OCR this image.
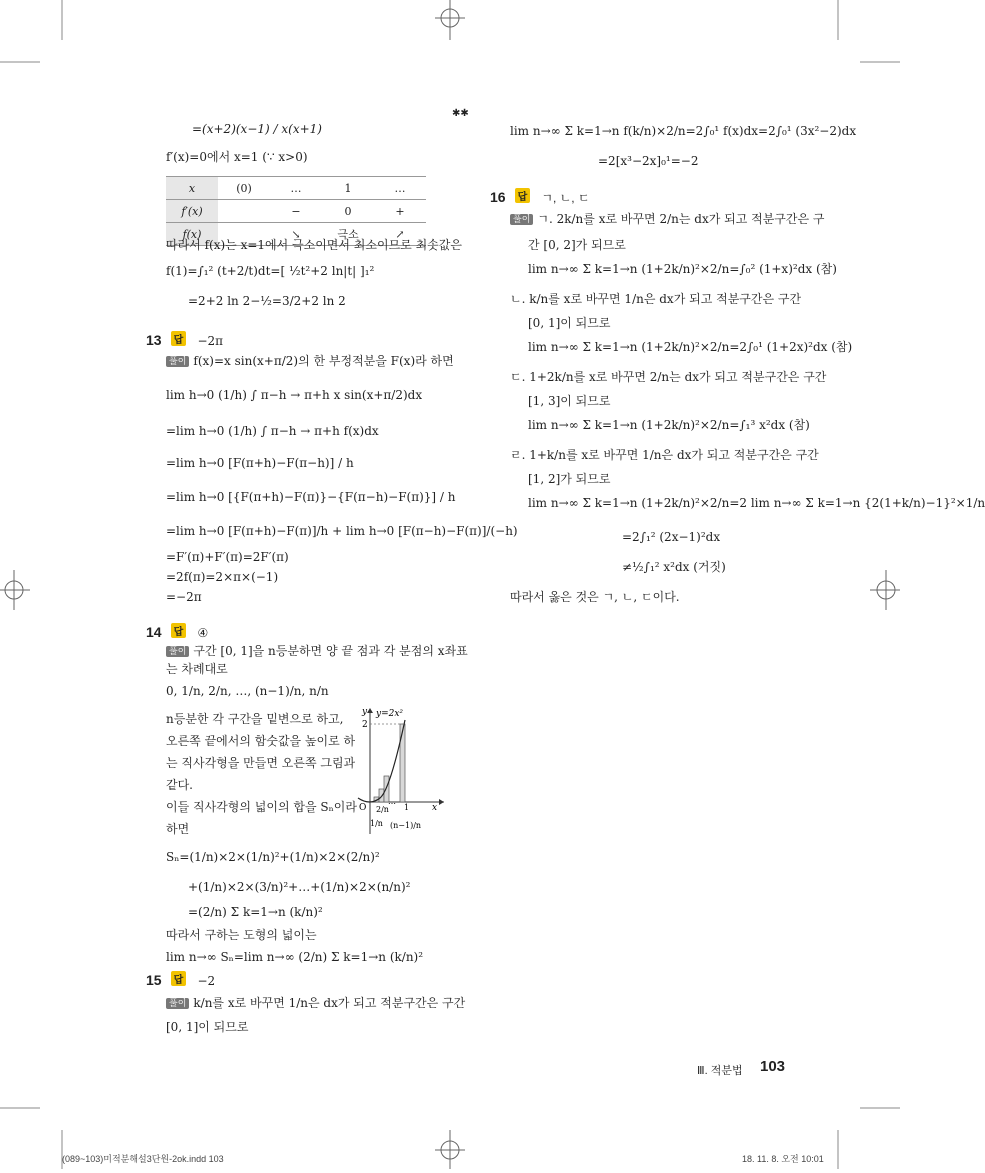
✱✱
=(x+2)(x−1) / x(x+1)
f′(x)=0에서 x=1 (∵ x>0)
x	(0)	…	1	…
f′(x)		−	0	+
f(x)		↘	극소	↗
따라서 f(x)는 x=1에서 극소이면서 최소이므로 최솟값은
f(1)=∫₁² (t+2/t)dt=[ ½t²+2 ln|t| ]₁²
=2+2 ln 2−½=3/2+2 ln 2
13 답 −2π
풀이 f(x)=x sin(x+π/2)의 한 부정적분을 F(x)라 하면
lim h→0 (1/h) ∫ π−h → π+h x sin(x+π/2)dx
=lim h→0 (1/h) ∫ π−h → π+h f(x)dx
=lim h→0 [F(π+h)−F(π−h)] / h
=lim h→0 [{F(π+h)−F(π)}−{F(π−h)−F(π)}] / h
=lim h→0 [F(π+h)−F(π)]/h + lim h→0 [F(π−h)−F(π)]/(−h)
=F′(π)+F′(π)=2F′(π)
=2f(π)=2×π×(−1)
=−2π
14 답 ④
풀이 구간 [0, 1]을 n등분하면 양 끝 점과 각 분점의 x좌표
는 차례대로
0, 1/n, 2/n, …, (n−1)/n, n/n
n등분한 각 구간을 밑변으로 하고,
오른쪽 끝에서의 함숫값을 높이로 하
는 직사각형을 만들면 오른쪽 그림과
같다.
이들 직사각형의 넓이의 합을 Sₙ이라
하면
Sₙ=(1/n)×2×(1/n)²+(1/n)×2×(2/n)²
+(1/n)×2×(3/n)²+…+(1/n)×2×(n/n)²
=(2/n) Σ k=1→n (k/n)²
따라서 구하는 도형의 넓이는
lim n→∞ Sₙ=lim n→∞ (2/n) Σ k=1→n (k/n)²
y=2x²
y
2
O	x
1/n
2/n
…
(n−1)/n
1
15 답 −2
풀이 k/n를 x로 바꾸면 1/n은 dx가 되고 적분구간은 구간
[0, 1]이 되므로
lim n→∞ Σ k=1→n f(k/n)×2/n=2∫₀¹ f(x)dx=2∫₀¹ (3x²−2)dx
=2[x³−2x]₀¹=−2
16 답 ㄱ, ㄴ, ㄷ
풀이 ㄱ. 2k/n를 x로 바꾸면 2/n는 dx가 되고 적분구간은 구
간 [0, 2]가 되므로
lim n→∞ Σ k=1→n (1+2k/n)²×2/n=∫₀² (1+x)²dx (참)
ㄴ. k/n를 x로 바꾸면 1/n은 dx가 되고 적분구간은 구간
[0, 1]이 되므로
lim n→∞ Σ k=1→n (1+2k/n)²×2/n=2∫₀¹ (1+2x)²dx (참)
ㄷ. 1+2k/n를 x로 바꾸면 2/n는 dx가 되고 적분구간은 구간
[1, 3]이 되므로
lim n→∞ Σ k=1→n (1+2k/n)²×2/n=∫₁³ x²dx (참)
ㄹ. 1+k/n를 x로 바꾸면 1/n은 dx가 되고 적분구간은 구간
[1, 2]가 되므로
lim n→∞ Σ k=1→n (1+2k/n)²×2/n=2 lim n→∞ Σ k=1→n {2(1+k/n)−1}²×1/n
=2∫₁² (2x−1)²dx
≠½∫₁² x²dx (거짓)
따라서 옳은 것은 ㄱ, ㄴ, ㄷ이다.
Ⅲ. 적분법 103
(089~103)미적분해설3단원-2ok.indd 103	18. 11. 8. 오전 10:01
